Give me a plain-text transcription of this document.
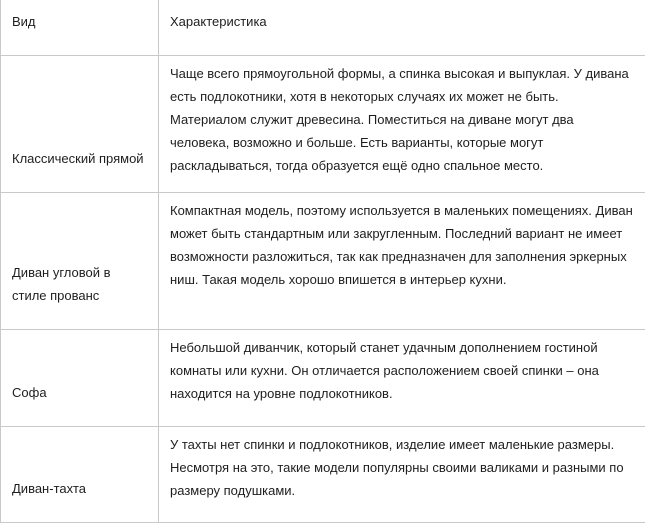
Вид	Характеристика

Классический прямой	Чаще всего прямоугольной формы, а спинка высокая и выпуклая. У дивана есть подлокотники, хотя в некоторых случаях их может не быть. Материалом служит древесина. Поместиться на диване могут два человека, возможно и больше. Есть варианты, которые могут раскладываться, тогда образуется ещё одно спальное место.

Диван угловой в стиле прованс	Компактная модель, поэтому используется в маленьких помещениях. Диван может быть стандартным или закругленным. Последний вариант не имеет возможности разложиться, так как предназначен для заполнения эркерных ниш. Такая модель хорошо впишется в интерьер кухни.

Софа	Небольшой диванчик, который станет удачным дополнением гостиной комнаты или кухни. Он отличается расположением своей спинки – она находится на уровне подлокотников.

Диван-тахта	У тахты нет спинки и подлокотников, изделие имеет маленькие размеры. Несмотря на это, такие модели популярны своими валиками и разными по размеру подушками.
